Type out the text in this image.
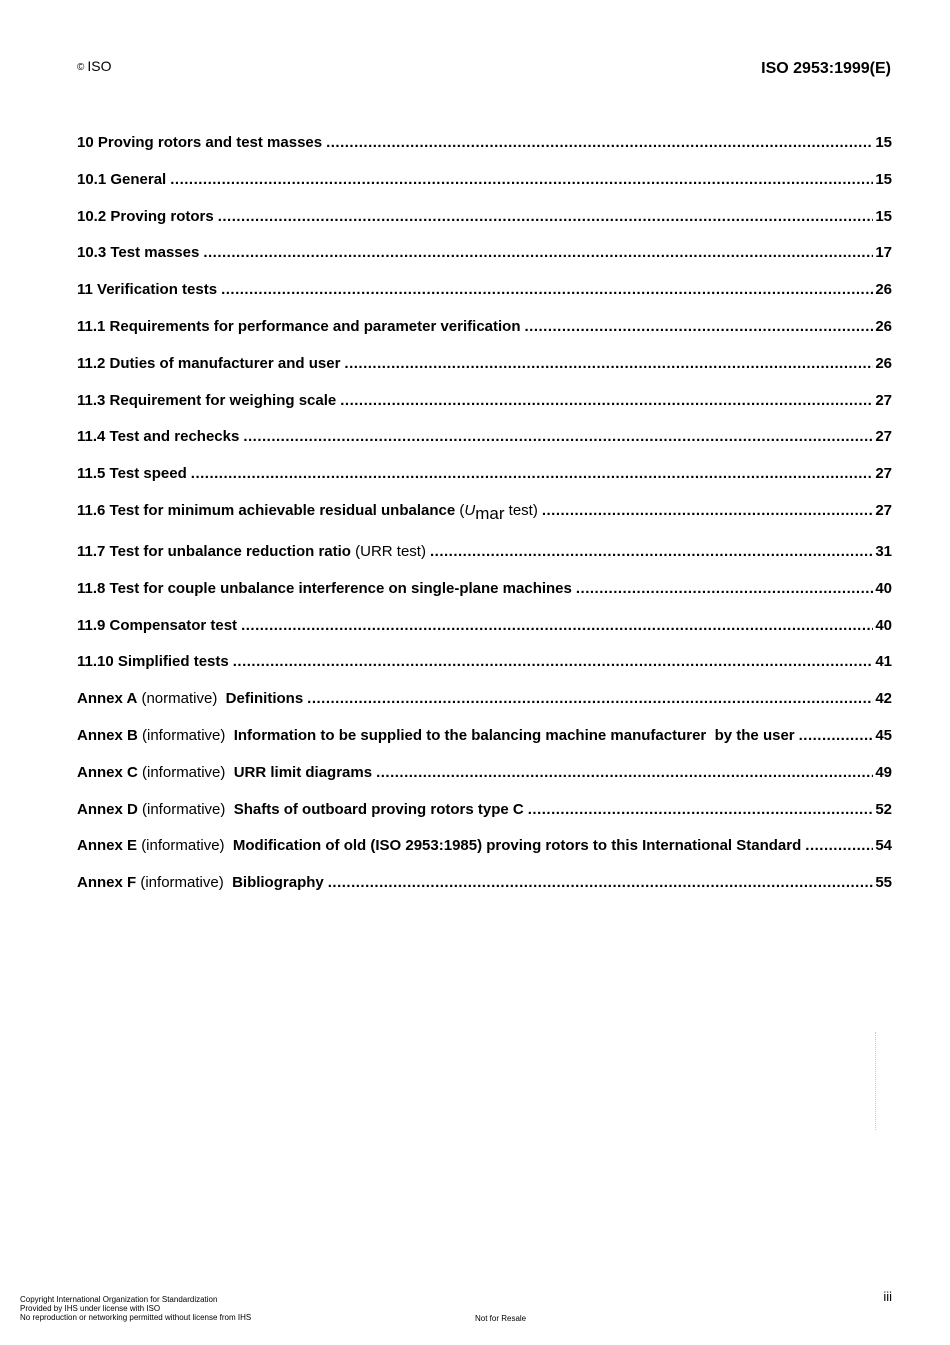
© ISO	ISO 2953:1999(E)
10 Proving rotors and test masses .....	15
10.1 General .....	15
10.2 Proving rotors .....	15
10.3 Test masses .....	17
11 Verification tests .....	26
11.1 Requirements for performance and parameter verification .....	26
11.2 Duties of manufacturer and user .....	26
11.3 Requirement for weighing scale .....	27
11.4 Test and rechecks .....	27
11.5 Test speed .....	27
11.6 Test for minimum achievable residual unbalance (Umar test) .....	27
11.7 Test for unbalance reduction ratio (URR test) .....	31
11.8 Test for couple unbalance interference on single-plane machines .....	40
11.9 Compensator test .....	40
11.10 Simplified tests .....	41
Annex A (normative) Definitions .....	42
Annex B (informative) Information to be supplied to the balancing machine manufacturer  by the user .....	45
Annex C (informative) URR limit diagrams .....	49
Annex D (informative) Shafts of outboard proving rotors type C .....	52
Annex E (informative) Modification of old (ISO 2953:1985) proving rotors to this International Standard .....	54
Annex F (informative) Bibliography .....	55
Copyright International Organization for Standardization
Provided by IHS under license with ISO
No reproduction or networking permitted without license from IHS	Not for Resale
iii
